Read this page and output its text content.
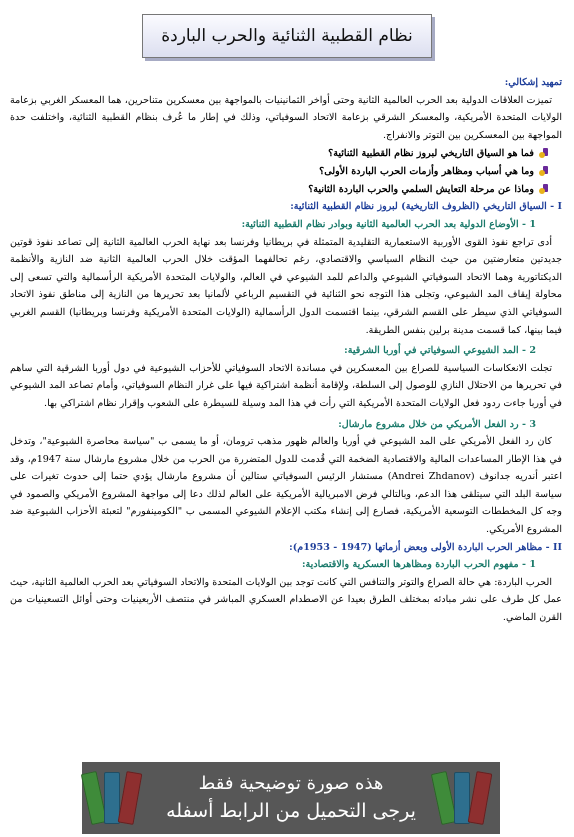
نظام القطبية الثنائية والحرب الباردة
تمهيد إشكالي:

تميزت العلاقات الدولية بعد الحرب العالمية الثانية وحتى أواخر الثمانينيات بالمواجهة بين معسكرين متناحرين، هما المعسكر الغربي بزعامة الولايات المتحدة الأمريكية، والمعسكر الشرقي بزعامة الاتحاد السوفياتي، وذلك في إطار ما عُرف بنظام القطبية الثنائية، واختلفت حدة المواجهة بين المعسكرين بين التوتر والانفراج.

فما هو السياق التاريخي لبروز نظام القطبية الثنائية؟
وما هي أسباب ومظاهر وأزمات الحرب الباردة الأولى؟
وماذا عن مرحلة التعايش السلمي والحرب الباردة الثانية؟
I - السياق التاريخي (الظروف التاريخية) لبروز نظام القطبية الثنائية:
1 - الأوضاع الدولية بعد الحرب العالمية الثانية وبوادر نظام القطبية الثنائية:

أدى تراجع نفوذ القوى الأوربية الاستعمارية التقليدية المتمثلة في بريطانيا وفرنسا بعد نهاية الحرب العالمية الثانية إلى تصاعد نفوذ قوتين جديدتين متعارضتين من حيث النظام السياسي والاقتصادي، رغم تحالفهما المؤقت خلال الحرب العالمية الثانية ضد النازية والأنظمة الديكتاتورية وهما الاتحاد السوفياتي الشيوعي والداعم للمد الشيوعي في العالم، والولايات المتحدة الأمريكية الرأسمالية والتي تسعى إلى محاولة إيقاف المد الشيوعي، وتجلى هذا التوجه نحو الثنائية في التقسيم الرباعي لألمانيا بعد تحريرها من النازية إلى مناطق نفوذ الاتحاد السوفياتي الذي سيطر على القسم الشرقي، بينما اقتسمت الدول الرأسمالية (الولايات المتحدة الأمريكية وفرنسا وبريطانيا) القسم الغربي فيما بينها، كما قسمت مدينة برلين بنفس الطريقة.

2 - المد الشيوعي السوفياتي في أوربا الشرقية:

تجلت الانعكاسات السياسية للصراع بين المعسكرين في مساندة الاتحاد السوفياتي للأحزاب الشيوعية في دول أوربا الشرقية التي ساهم في تحريرها من الاحتلال النازي للوصول إلى السلطة، ولإقامة أنظمة اشتراكية فيها على غرار النظام السوفياتي، وأمام تصاعد المد الشيوعي في أوربا جاءت ردود فعل الولايات المتحدة الأمريكية التي رأت في هذا المد وسيلة للسيطرة على الشعوب وإقرار نظام اشتراكي بها.

3 - رد الفعل الأمريكي من خلال مشروع مارشال:

كان رد الفعل الأمريكي على المد الشيوعي في أوربا والعالم ظهور مذهب ترومان، أو ما يسمى ب "سياسة محاصرة الشيوعية"، وتدخل في هذا الإطار المساعدات المالية والاقتصادية الضخمة التي قُدمت للدول المتضررة من الحرب من خلال مشروع مارشال سنة 1947م، وقد اعتبر أندريه جدانوف (Andrei Zhdanov) مستشار الرئيس السوفياتي ستالين أن مشروع مارشال يؤدي حتما إلى حدوث تغيرات على سياسة البلد التي سيتلقى هذا الدعم، وبالتالي فرض الامبريالية الأمريكية على العالم لذلك دعا إلى مواجهة المشروع الأمريكي والصمود في وجه كل المخططات التوسعية الأمريكية، فصارع إلى إنشاء مكتب الإعلام الشيوعي المسمى ب "الكومينفورم" لتعبئة الأحزاب الشيوعية ضد المشروع الأمريكي.

II - مظاهر الحرب الباردة الأولى وبعض أزماتها (1947 - 1953م):
1 - مفهوم الحرب الباردة ومظاهرها العسكرية والاقتصادية:

الحرب الباردة: هي حالة الصراع والتوتر والتنافس التي كانت توجد بين الولايات المتحدة والاتحاد السوفياتي بعد الحرب العالمية الثانية، حيث عمل كل طرف على نشر مبادئه بمختلف الطرق بعيدا عن الاصطدام العسكري المباشر في منتصف الأربعينيات وحتى أوائل التسعينيات من القرن الماضي.

هذه صورة توضيحية فقط
يرجى التحميل من الرابط أسفله
